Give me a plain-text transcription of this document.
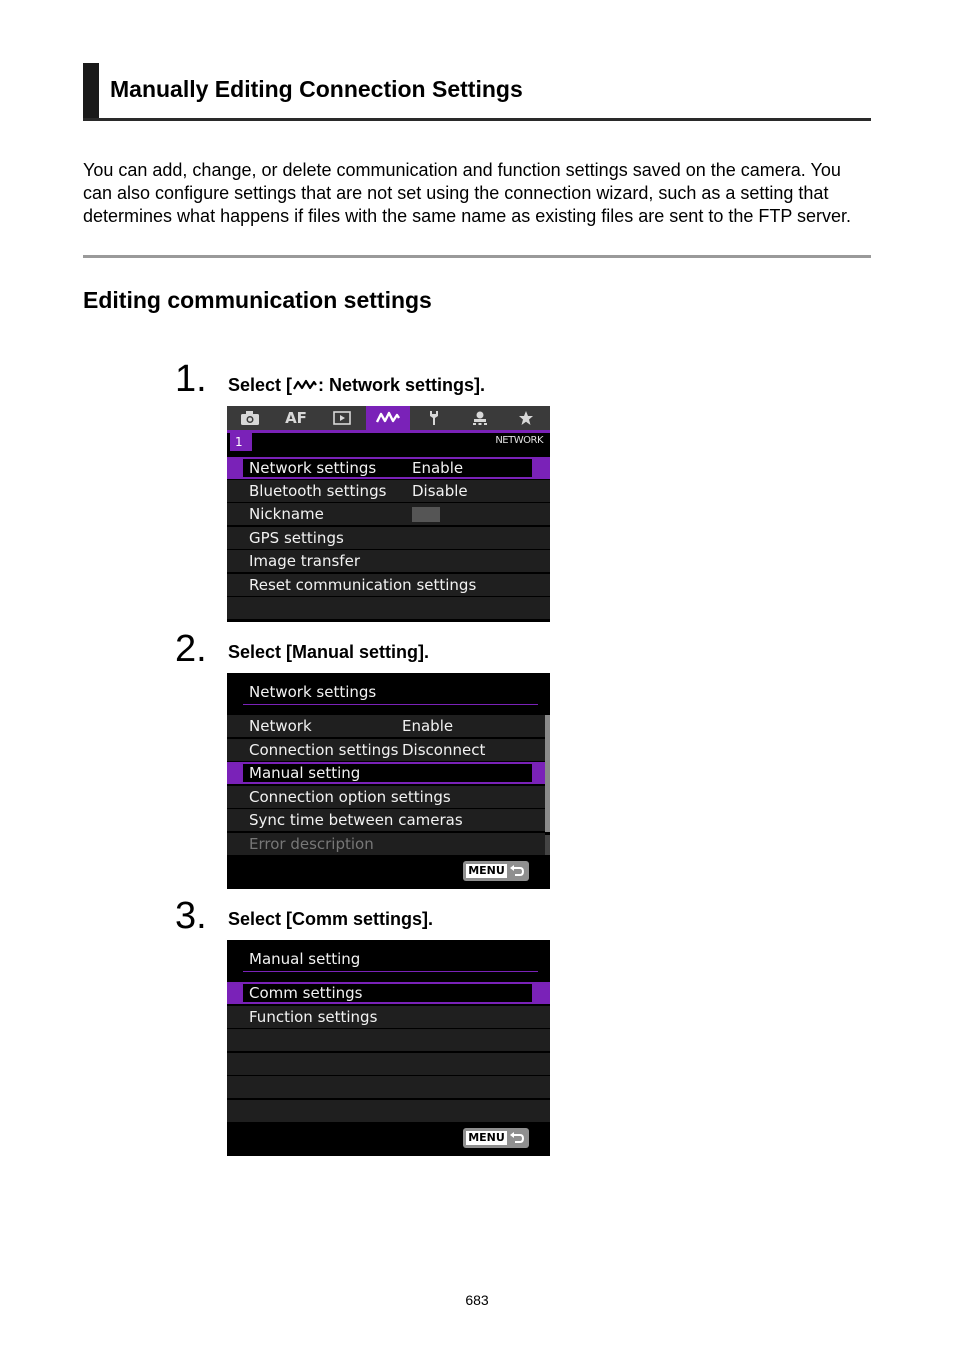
Manually Editing Connection Settings
You can add, change, or delete communication and function settings saved on the camera. You can also configure settings that are not set using the connection wizard, such as a setting that determines what happens if files with the same name as existing files are sent to the FTP server.
Editing communication settings
1. Select [ : Network settings].
AF
1	NETWORK
Network settings Enable
Bluetooth settings Disable
Nickname
GPS settings
Image transfer
Reset communication settings
2. Select [Manual setting].
Network settings
Network	Enable
Connection settings Disconnect
Manual setting
Connection option settings
Sync time between cameras
Error description
MENU
3. Select [Comm settings].
Manual setting
Comm settings
Function settings
MENU
683
